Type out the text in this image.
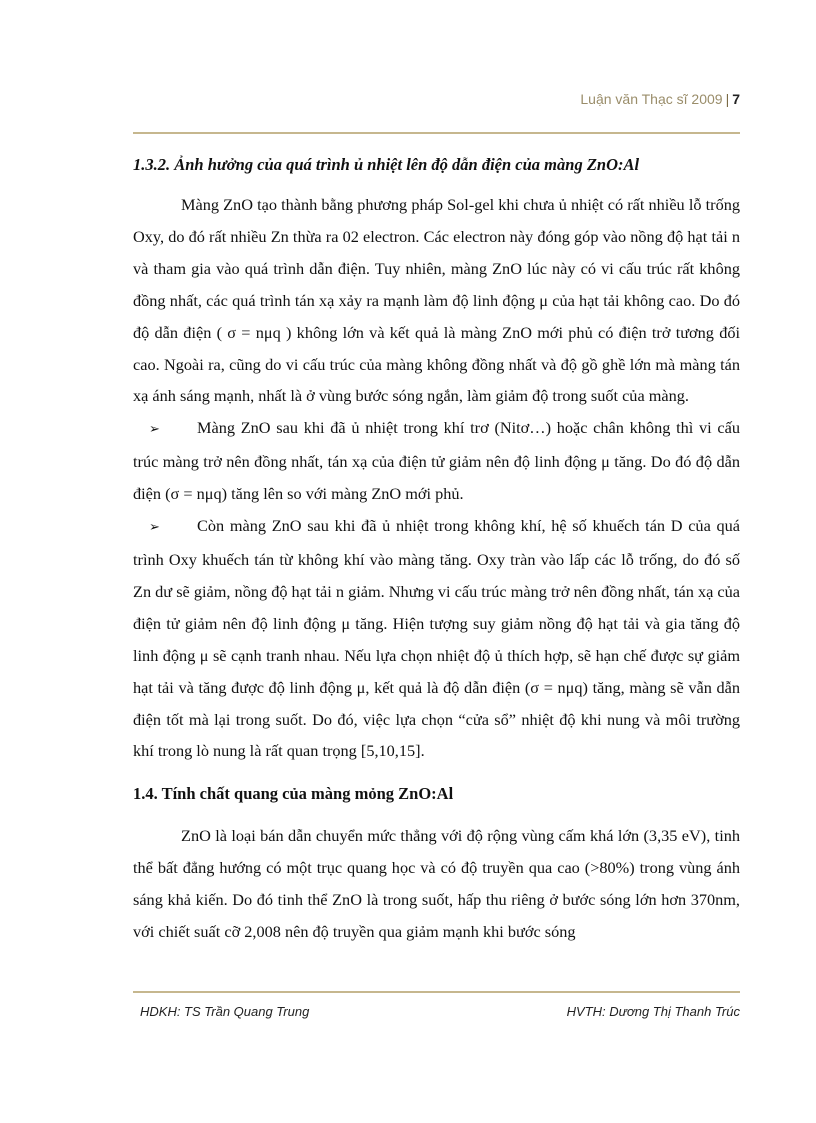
Luận văn Thạc sĩ 2009 | 7
1.3.2. Ảnh hưởng của quá trình ủ nhiệt lên độ dẫn điện của màng ZnO:Al

Màng ZnO tạo thành bằng phương pháp Sol-gel khi chưa ủ nhiệt có rất nhiều lỗ trống Oxy, do đó rất nhiều Zn thừa ra 02 electron. Các electron này đóng góp vào nồng độ hạt tải n và tham gia vào quá trình dẫn điện. Tuy nhiên, màng ZnO lúc này có vi cấu trúc rất không đồng nhất, các quá trình tán xạ xảy ra mạnh làm độ linh động μ của hạt tải không cao. Do đó độ dẫn điện ( σ = nμq ) không lớn và kết quả là màng ZnO mới phủ có điện trở tương đối cao. Ngoài ra, cũng do vi cấu trúc của màng không đồng nhất và độ gồ ghề lớn mà màng tán xạ ánh sáng mạnh, nhất là ở vùng bước sóng ngắn, làm giảm độ trong suốt của màng.

➢ Màng ZnO sau khi đã ủ nhiệt trong khí trơ (Nitơ…) hoặc chân không thì vi cấu trúc màng trở nên đồng nhất, tán xạ của điện tử giảm nên độ linh động μ tăng. Do đó độ dẫn điện (σ = nμq) tăng lên so với màng ZnO mới phủ.

➢ Còn màng ZnO sau khi đã ủ nhiệt trong không khí, hệ số khuếch tán D của quá trình Oxy khuếch tán từ không khí vào màng tăng. Oxy tràn vào lấp các lỗ trống, do đó số Zn dư sẽ giảm, nồng độ hạt tải n giảm. Nhưng vi cấu trúc màng trở nên đồng nhất, tán xạ của điện tử giảm nên độ linh động μ tăng. Hiện tượng suy giảm nồng độ hạt tải và gia tăng độ linh động μ sẽ cạnh tranh nhau. Nếu lựa chọn nhiệt độ ủ thích hợp, sẽ hạn chế được sự giảm hạt tải và tăng được độ linh động μ, kết quả là độ dẫn điện (σ = nμq) tăng, màng sẽ vẫn dẫn điện tốt mà lại trong suốt. Do đó, việc lựa chọn “cửa sổ” nhiệt độ khi nung và môi trường khí trong lò nung là rất quan trọng [5,10,15].

1.4. Tính chất quang của màng mỏng ZnO:Al

ZnO là loại bán dẫn chuyển mức thẳng với độ rộng vùng cấm khá lớn (3,35 eV), tinh thể bất đẳng hướng có một trục quang học và có độ truyền qua cao (>80%) trong vùng ánh sáng khả kiến. Do đó tinh thể ZnO là trong suốt, hấp thu riêng ở bước sóng lớn hơn 370nm, với chiết suất cỡ 2,008 nên độ truyền qua giảm mạnh khi bước sóng

HDKH: TS Trần Quang Trung	HVTH: Dương Thị Thanh Trúc
